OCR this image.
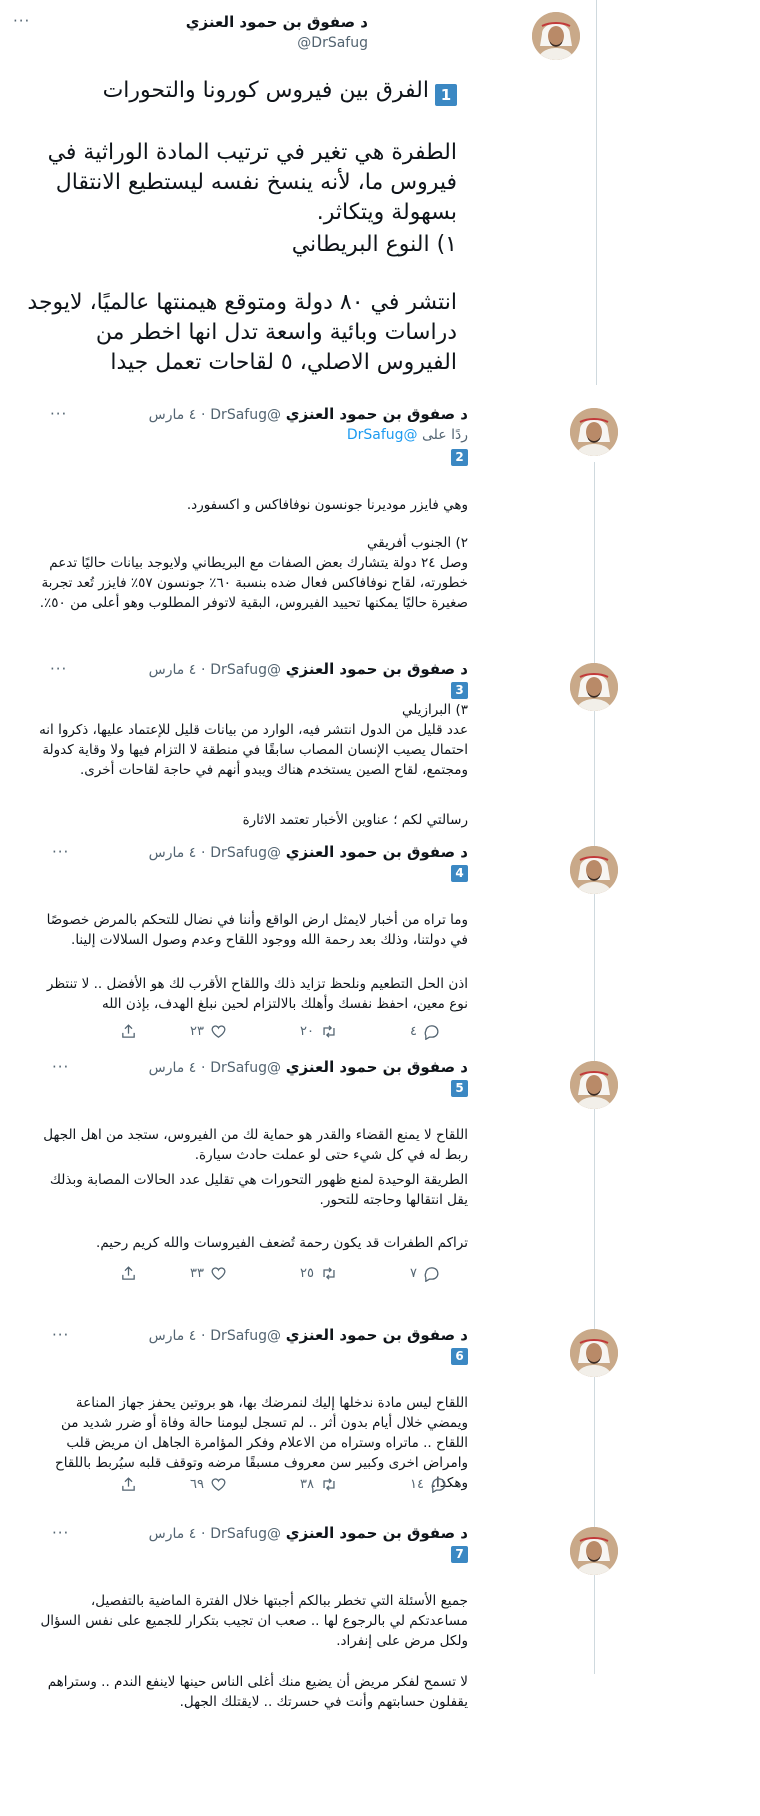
د صفوق بن حمود العنزي
@DrSafug
···
1الفرق بين فيروس كورونا والتحورات
الطفرة هي تغير في ترتيب المادة الوراثية في فيروس ما، لأنه ينسخ نفسه ليستطيع الانتقال بسهولة ويتكاثر.
١) النوع البريطاني
انتشر في ٨٠ دولة ومتوقع هيمنتها عالميًا، لايوجد دراسات وبائية واسعة تدل انها اخطر من الفيروس الاصلي، ٥ لقاحات تعمل جيدا
···	د صفوق بن حمود العنزي @DrSafug · ٤ مارس
ردًا على @DrSafug
2
وهي فايزر موديرنا جونسون نوفافاكس و اكسفورد.
٢) الجنوب أفريقي
وصل ٢٤ دولة يتشارك بعض الصفات مع البريطاني ولايوجد بيانات حاليًا تدعم خطورته، لقاح نوفافاكس فعال ضده بنسبة ٦٠٪ جونسون ٥٧٪ فايزر تُعد تجربة صغيرة حاليًا يمكنها تحييد الفيروس، البقية لاتوفر المطلوب وهو أعلى من ٥٠٪.
···	د صفوق بن حمود العنزي @DrSafug · ٤ مارس
3
٣) البرازيلي
عدد قليل من الدول انتشر فيه، الوارد من بيانات قليل للإعتماد عليها، ذكروا انه احتمال يصيب الإنسان المصاب سابقًا في منطقة لا التزام فيها ولا وقاية كدولة ومجتمع، لقاح الصين يستخدم هناك ويبدو أنهم في حاجة لقاحات أخرى.
رسالتي لكم ؛ عناوين الأخبار تعتمد الاثارة
···	د صفوق بن حمود العنزي @DrSafug · ٤ مارس
4
وما تراه من أخبار لايمثل ارض الواقع وأننا في نضال للتحكم بالمرض خصوصًا في دولتنا، وذلك بعد رحمة الله ووجود اللقاح وعدم وصول السلالات إلينا.
اذن الحل التطعيم ونلحظ تزايد ذلك واللقاح الأقرب لك هو الأفضل .. لا تنتظر نوع معين، احفظ نفسك وأهلك بالالتزام لحين نبلغ الهدف، بإذن الله
٤
٢٠
٢٣
···	د صفوق بن حمود العنزي @DrSafug · ٤ مارس
5
اللقاح لا يمنع القضاء والقدر هو حماية لك من الفيروس، ستجد من اهل الجهل ربط له في كل شيء حتى لو عملت حادث سيارة.
الطريقة الوحيدة لمنع ظهور التحورات هي تقليل عدد الحالات المصابة وبذلك يقل انتقالها وحاجته للتحور.
تراكم الطفرات قد يكون رحمة تُضعف الفيروسات والله كريم رحيم.
٧
٢٥
٣٣
···	د صفوق بن حمود العنزي @DrSafug · ٤ مارس
6
اللقاح ليس مادة ندخلها إليك لنمرضك بها، هو بروتين يحفز جهاز المناعة ويمضي خلال أيام بدون أثر .. لم تسجل ليومنا حالة وفاة أو ضرر شديد من اللقاح .. ماتراه وستراه من الاعلام وفكر المؤامرة الجاهل ان مريض قلب وامراض اخرى وكبير سن معروف مسبقًا مرضه وتوقف قلبه سيُربط باللقاح وهكذا.
١٤
٣٨
٦٩
···	د صفوق بن حمود العنزي @DrSafug · ٤ مارس
7
جميع الأسئلة التي تخطر ببالكم أجبتها خلال الفترة الماضية بالتفصيل، مساعدتكم لي بالرجوع لها .. صعب ان تجيب بتكرار للجميع على نفس السؤال ولكل مرض على إنفراد.
لا تسمح لفكر مريض أن يضيع منك أغلى الناس حينها لاينفع الندم .. وستراهم يقفلون حسابتهم وأنت في حسرتك .. لايقتلك الجهل.
